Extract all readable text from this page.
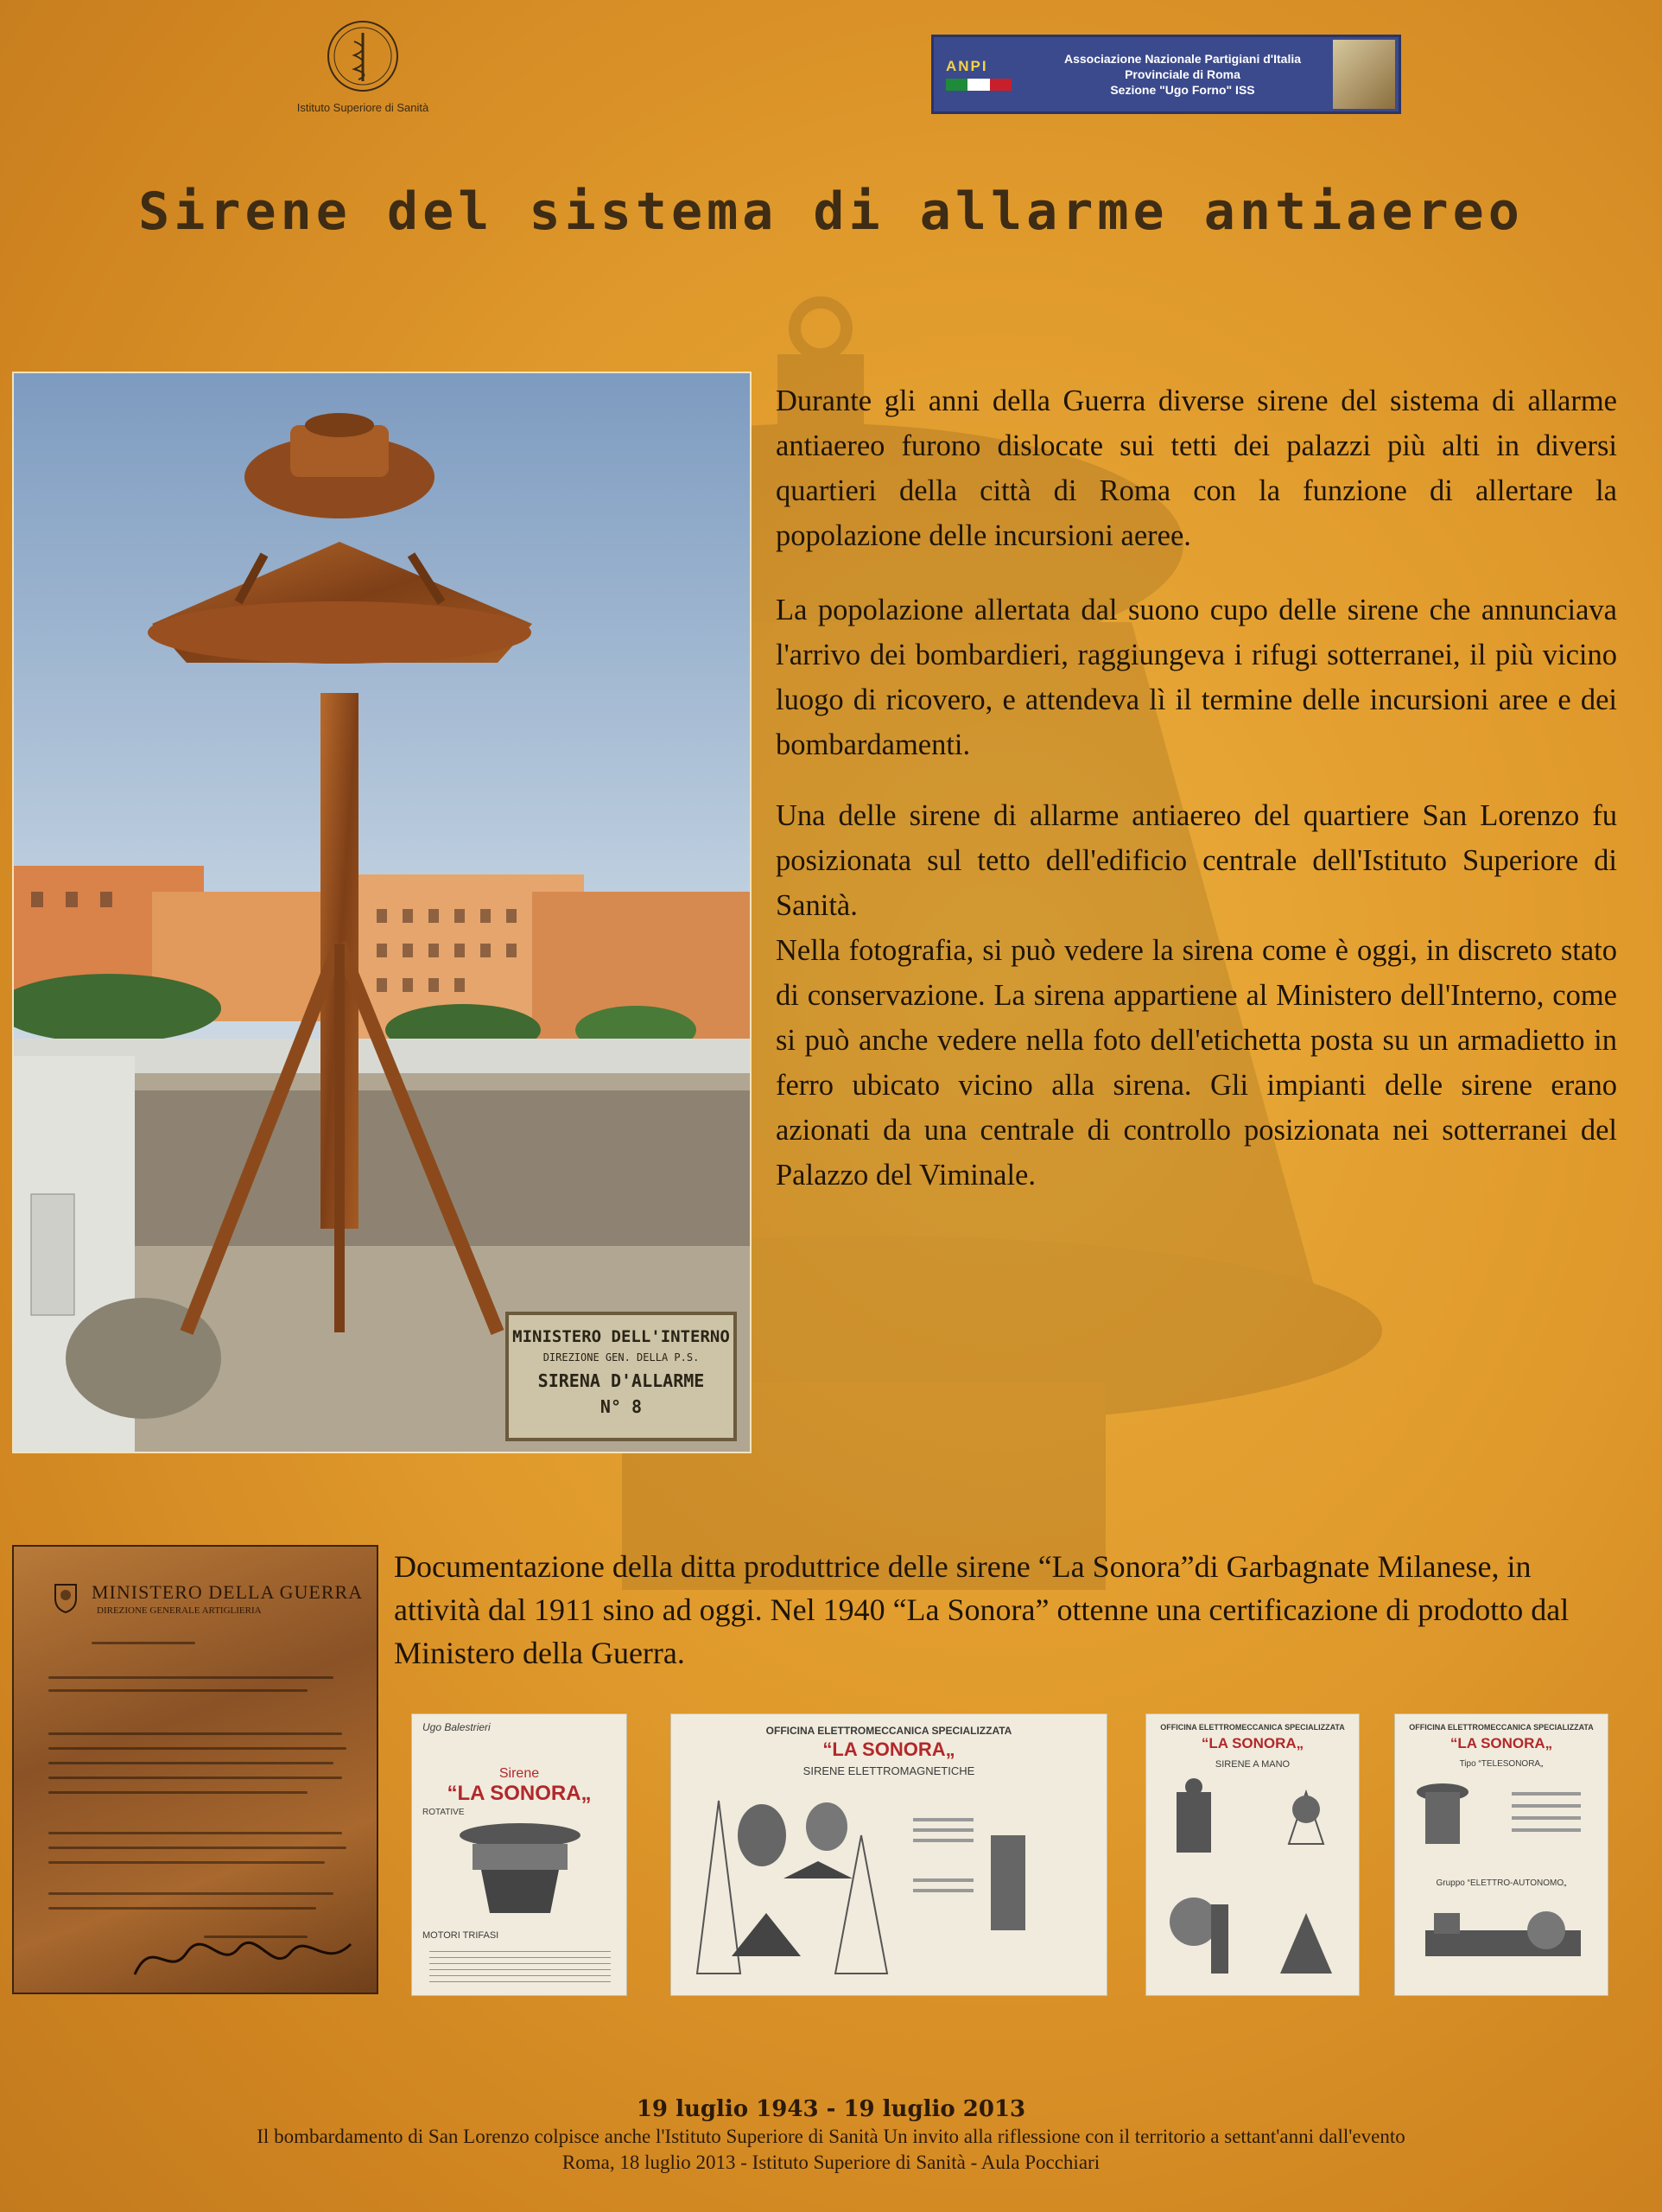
Istituto Superiore di Sanità
ANPI	Associazione Nazionale Partigiani d'Italia
Provinciale di Roma
Sezione "Ugo Forno" ISS
Sirene del sistema di allarme antiaereo
MINISTERO DELL'INTERNO
DIREZIONE GEN. DELLA P.S.
SIRENA D'ALLARME
N° 8

Durante gli anni della Guerra diverse sirene del sistema di allarme antiaereo furono dislocate sui tetti dei palazzi più alti in diversi quartieri della città di Roma con la funzione di allertare la popolazione delle incursioni aeree.

La popolazione allertata dal suono cupo delle sirene che annunciava l'arrivo dei bombardieri, raggiungeva i rifugi sotterranei, il più vicino luogo di ricovero, e attendeva lì il termine delle incursioni aree e dei bombardamenti.

Una delle sirene di allarme antiaereo del quartiere San Lorenzo fu posizionata sul tetto dell'edificio centrale dell'Istituto Superiore di Sanità.

Nella fotografia, si può vedere la sirena come è oggi, in discreto stato di conservazione. La sirena appartiene al Ministero dell'Interno, come si può anche vedere nella foto dell'etichetta posta su un armadietto in ferro ubicato vicino alla sirena. Gli impianti delle sirene erano azionati da una centrale di controllo posizionata nei sotterranei del Palazzo del Viminale.

MINISTERO DELLA GUERRA
DIREZIONE GENERALE ARTIGLIERIA
Documentazione della ditta produttrice delle sirene “La Sonora”di Garbagnate Milanese, in attività dal 1911 sino ad oggi. Nel 1940 “La Sonora” ottenne una certificazione di prodotto dal Ministero della Guerra.
Ugo Balestrieri
Sirene
“LA SONORA„
ROTATIVE
MOTORI TRIFASI
OFFICINA ELETTROMECCANICA SPECIALIZZATA
“LA SONORA„
SIRENE ELETTROMAGNETICHE
OFFICINA ELETTROMECCANICA SPECIALIZZATA
“LA SONORA„
SIRENE A MANO
OFFICINA ELETTROMECCANICA SPECIALIZZATA
“LA SONORA„
Tipo “TELESONORA„
Gruppo “ELETTRO-AUTONOMO„
19 luglio 1943 - 19 luglio 2013
Il bombardamento di San Lorenzo colpisce anche l'Istituto Superiore di Sanità Un invito alla riflessione con il territorio a settant'anni dall'evento
Roma, 18 luglio 2013 - Istituto Superiore di Sanità - Aula Pocchiari
